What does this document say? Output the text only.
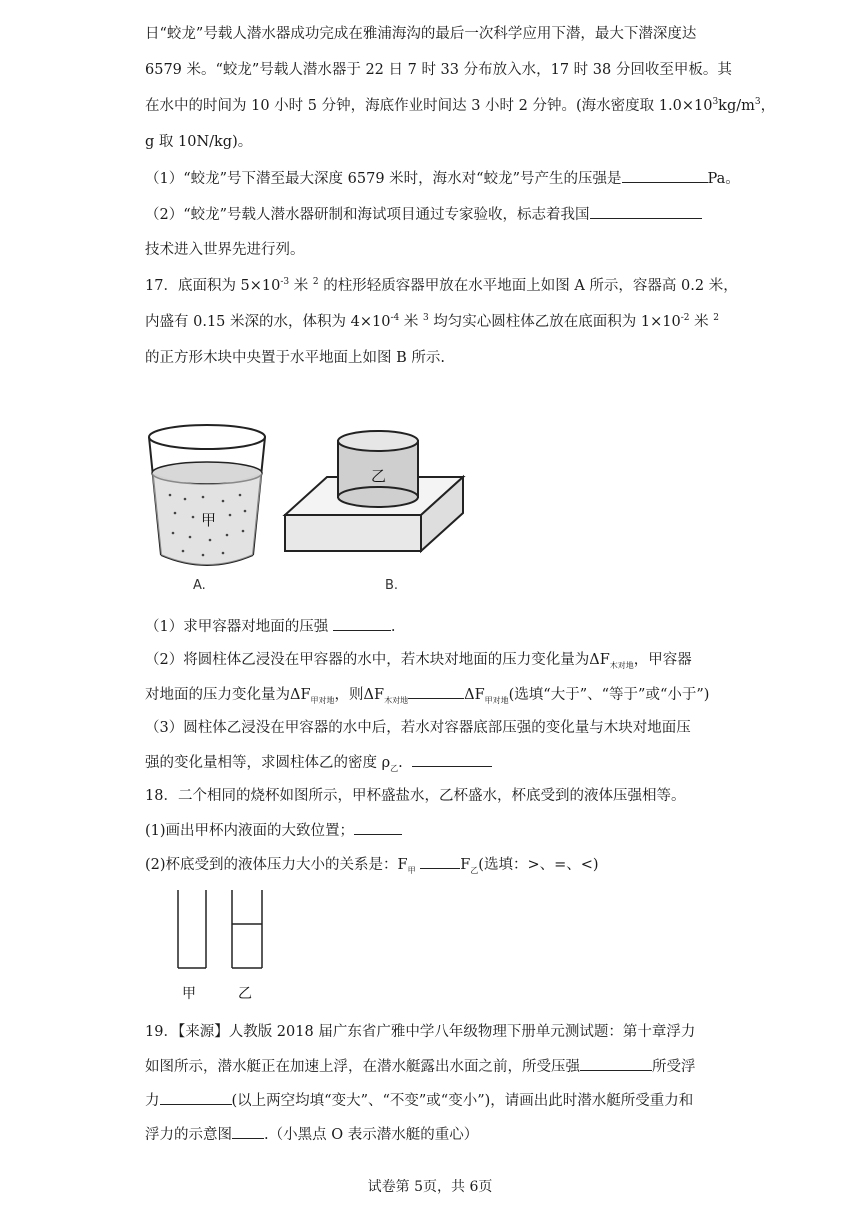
日“蛟龙”号载人潜水器成功完成在雅浦海沟的最后一次科学应用下潜，最大下潜深度达
6579 米。“蛟龙”号载人潜水器于 22 日 7 时 33 分布放入水，17 时 38 分回收至甲板。其
在水中的时间为 10 小时 5 分钟，海底作业时间达 3 小时 2 分钟。(海水密度取 $1.0\times 10^3kg/m^3$，
g 取 10N/kg)。
（1）“蛟龙”号下潜至最大深度 6579 米时，海水对“蛟龙”号产生的压强是	Pa。
（2）“蛟龙”号载人潜水器研制和海试项目通过专家验收，标志着我国
技术进入世界先进行列。
17．底面积为 $5\times 10^{-3}$ 米 $^2$ 的柱形轻质容器甲放在水平地面上如图 A 所示，容器高 0.2 米，
内盛有 0.15 米深的水，体积为 $4\times 10^{-4}$ 米 $^3$ 均匀实心圆柱体乙放在底面积为 $1\times 10^{-2}$ 米 $^2$
的正方形木块中央置于水平地面上如图 B 所示.
甲
乙
A.	B.
（1）求甲容器对地面的压强	.
（2）将圆柱体乙浸没在甲容器的水中，若木块对地面的压力变化量为$\Delta F_{木对地}$，甲容器
对地面的压力变化量为$\Delta F_{甲对地}$，则$\Delta F_{木对地}$	$\Delta F_{甲对地}$(选填“大于”、“等于”或“小于”)
（3）圆柱体乙浸没在甲容器的水中后，若水对容器底部压强的变化量与木块对地面压
强的变化量相等，求圆柱体乙的密度 $\rho_乙$.
18．二个相同的烧杯如图所示，甲杯盛盐水，乙杯盛水，杯底受到的液体压强相等。
(1)画出甲杯内液面的大致位置；
(2)杯底受到的液体压力大小的关系是：$F_甲$	$F_乙$(选填：>、=、<)
甲	乙
19．【来源】人教版 2018 届广东省广雅中学八年级物理下册单元测试题：第十章浮力
如图所示，潜水艇正在加速上浮，在潜水艇露出水面之前，所受压强	所受浮
力	(以上两空均填“变大”、“不变”或“变小”)，请画出此时潜水艇所受重力和
浮力的示意图 .（小黑点 O 表示潜水艇的重心）
试卷第 5页，共 6页
